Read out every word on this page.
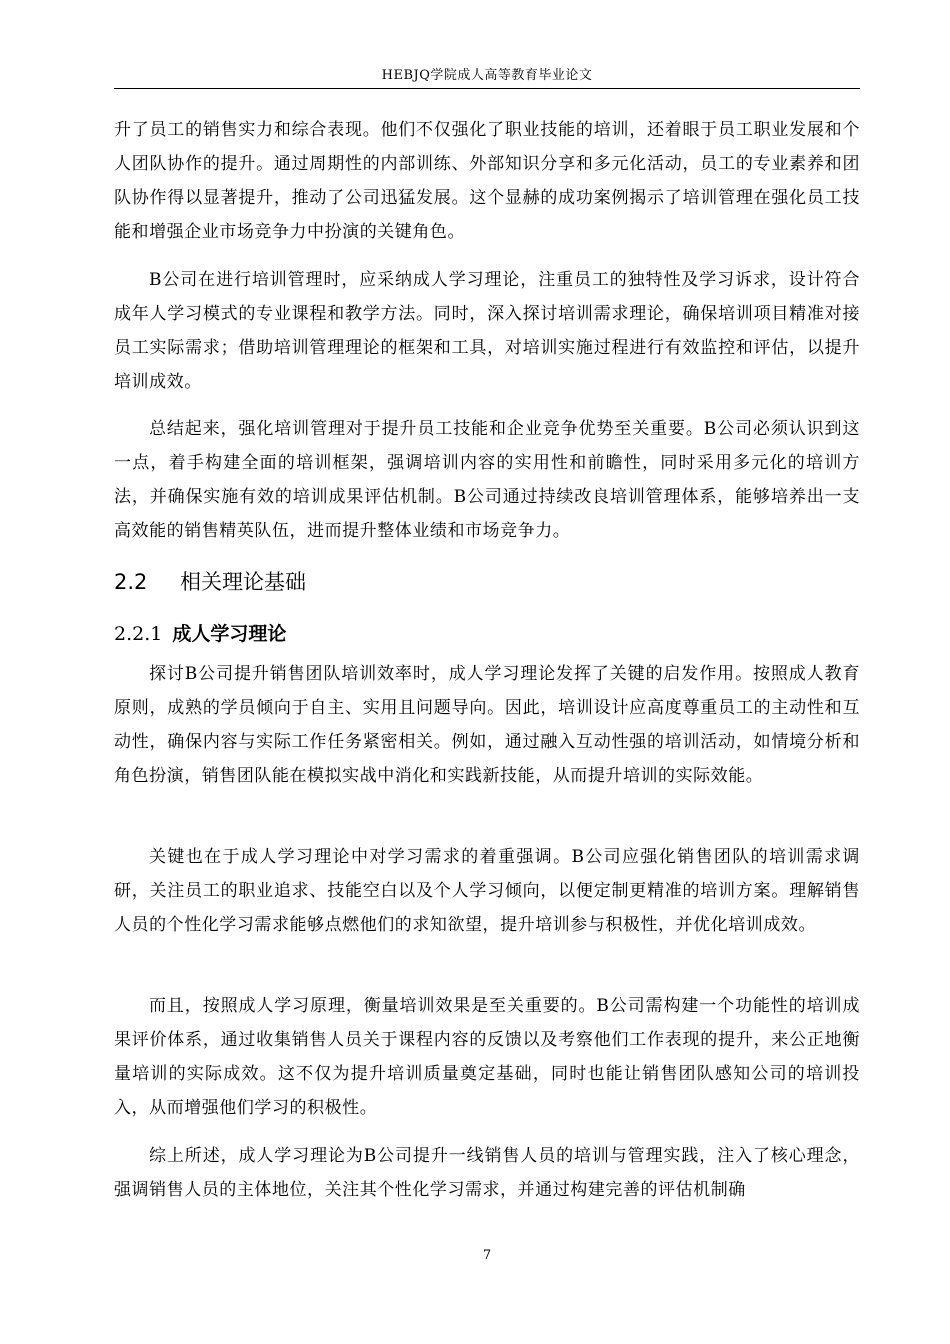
HEBJQ学院成人高等教育毕业论文

升了员工的销售实力和综合表现。他们不仅强化了职业技能的培训，还着眼于员工职业发展和个人团队协作的提升。通过周期性的内部训练、外部知识分享和多元化活动，员工的专业素养和团队协作得以显著提升，推动了公司迅猛发展。这个显赫的成功案例揭示了培训管理在强化员工技能和增强企业市场竞争力中扮演的关键角色。

B公司在进行培训管理时，应采纳成人学习理论，注重员工的独特性及学习诉求，设计符合成年人学习模式的专业课程和教学方法。同时，深入探讨培训需求理论，确保培训项目精准对接员工实际需求；借助培训管理理论的框架和工具，对培训实施过程进行有效监控和评估，以提升培训成效。

总结起来，强化培训管理对于提升员工技能和企业竞争优势至关重要。B公司必须认识到这一点，着手构建全面的培训框架，强调培训内容的实用性和前瞻性，同时采用多元化的培训方法，并确保实施有效的培训成果评估机制。B公司通过持续改良培训管理体系，能够培养出一支高效能的销售精英队伍，进而提升整体业绩和市场竞争力。

2.2 相关理论基础
2.2.1 成人学习理论

探讨B公司提升销售团队培训效率时，成人学习理论发挥了关键的启发作用。按照成人教育原则，成熟的学员倾向于自主、实用且问题导向。因此，培训设计应高度尊重员工的主动性和互动性，确保内容与实际工作任务紧密相关。例如，通过融入互动性强的培训活动，如情境分析和角色扮演，销售团队能在模拟实战中消化和实践新技能，从而提升培训的实际效能。

关键也在于成人学习理论中对学习需求的着重强调。B公司应强化销售团队的培训需求调研，关注员工的职业追求、技能空白以及个人学习倾向，以便定制更精准的培训方案。理解销售人员的个性化学习需求能够点燃他们的求知欲望，提升培训参与积极性，并优化培训成效。

而且，按照成人学习原理，衡量培训效果是至关重要的。B公司需构建一个功能性的培训成果评价体系，通过收集销售人员关于课程内容的反馈以及考察他们工作表现的提升，来公正地衡量培训的实际成效。这不仅为提升培训质量奠定基础，同时也能让销售团队感知公司的培训投入，从而增强他们学习的积极性。

综上所述，成人学习理论为B公司提升一线销售人员的培训与管理实践，注入了核心理念，强调销售人员的主体地位，关注其个性化学习需求，并通过构建完善的评估机制确

7
